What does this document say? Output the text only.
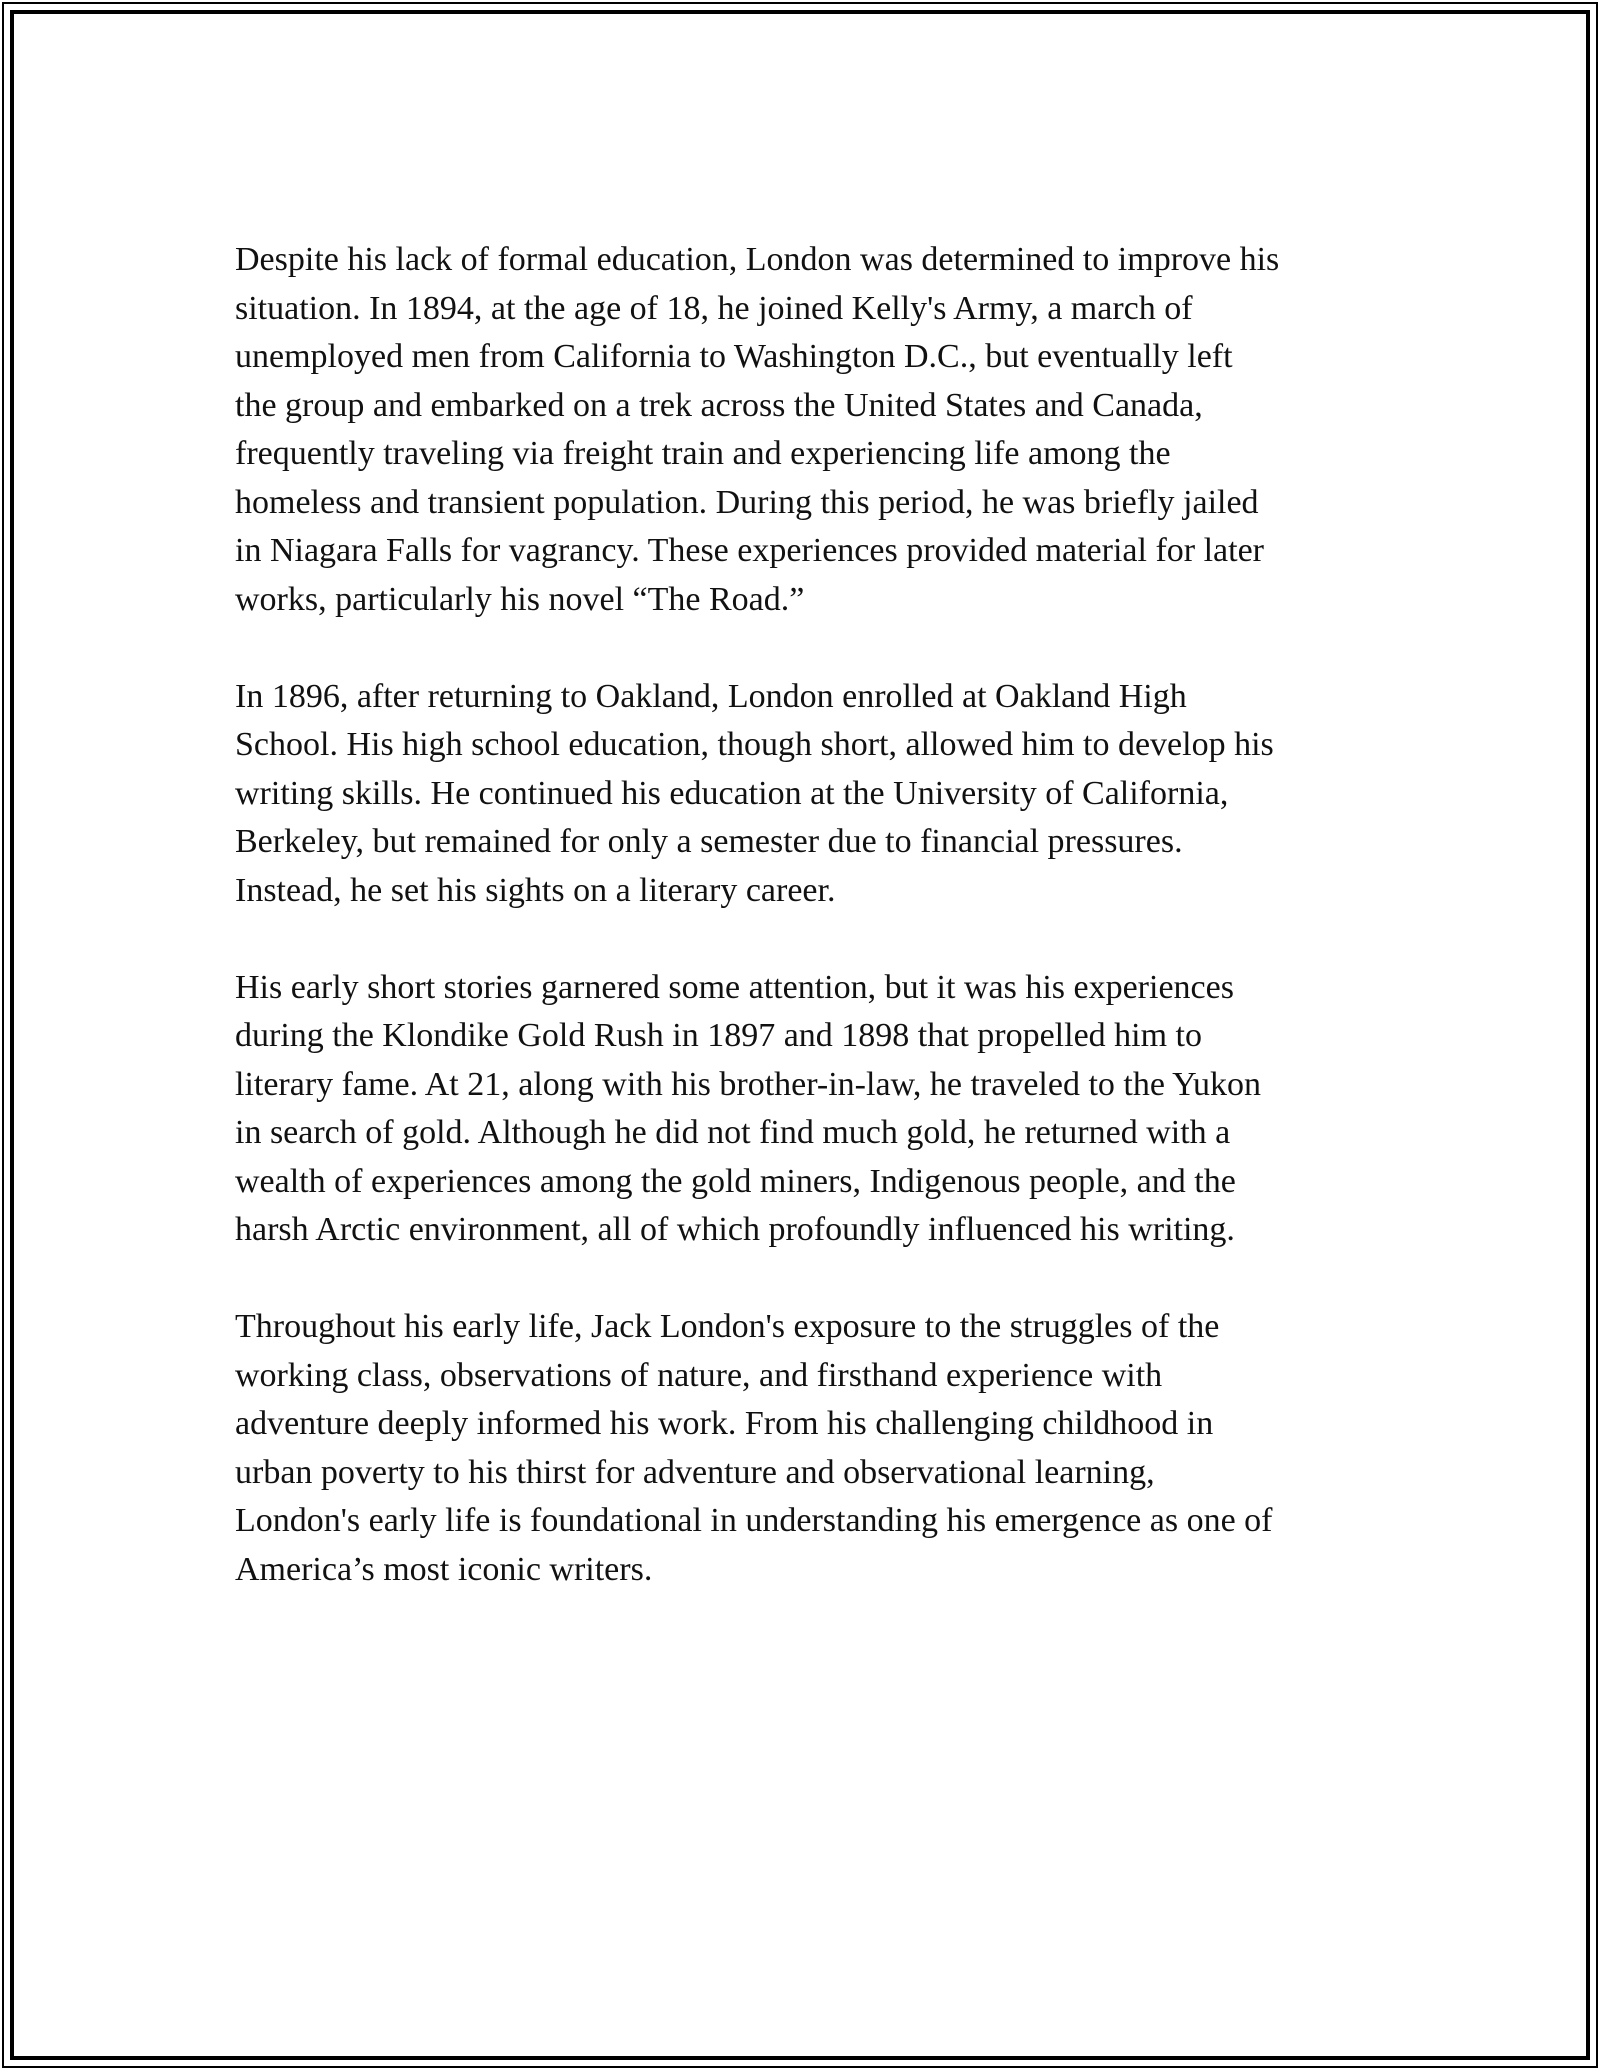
Despite his lack of formal education, London was determined to improve his
situation. In 1894, at the age of 18, he joined Kelly's Army, a march of
unemployed men from California to Washington D.C., but eventually left
the group and embarked on a trek across the United States and Canada,
frequently traveling via freight train and experiencing life among the
homeless and transient population. During this period, he was briefly jailed
in Niagara Falls for vagrancy. These experiences provided material for later
works, particularly his novel “The Road.”

In 1896, after returning to Oakland, London enrolled at Oakland High
School. His high school education, though short, allowed him to develop his
writing skills. He continued his education at the University of California,
Berkeley, but remained for only a semester due to financial pressures.
Instead, he set his sights on a literary career.

His early short stories garnered some attention, but it was his experiences
during the Klondike Gold Rush in 1897 and 1898 that propelled him to
literary fame. At 21, along with his brother-in-law, he traveled to the Yukon
in search of gold. Although he did not find much gold, he returned with a
wealth of experiences among the gold miners, Indigenous people, and the
harsh Arctic environment, all of which profoundly influenced his writing.

Throughout his early life, Jack London's exposure to the struggles of the
working class, observations of nature, and firsthand experience with
adventure deeply informed his work. From his challenging childhood in
urban poverty to his thirst for adventure and observational learning,
London's early life is foundational in understanding his emergence as one of
America’s most iconic writers.
